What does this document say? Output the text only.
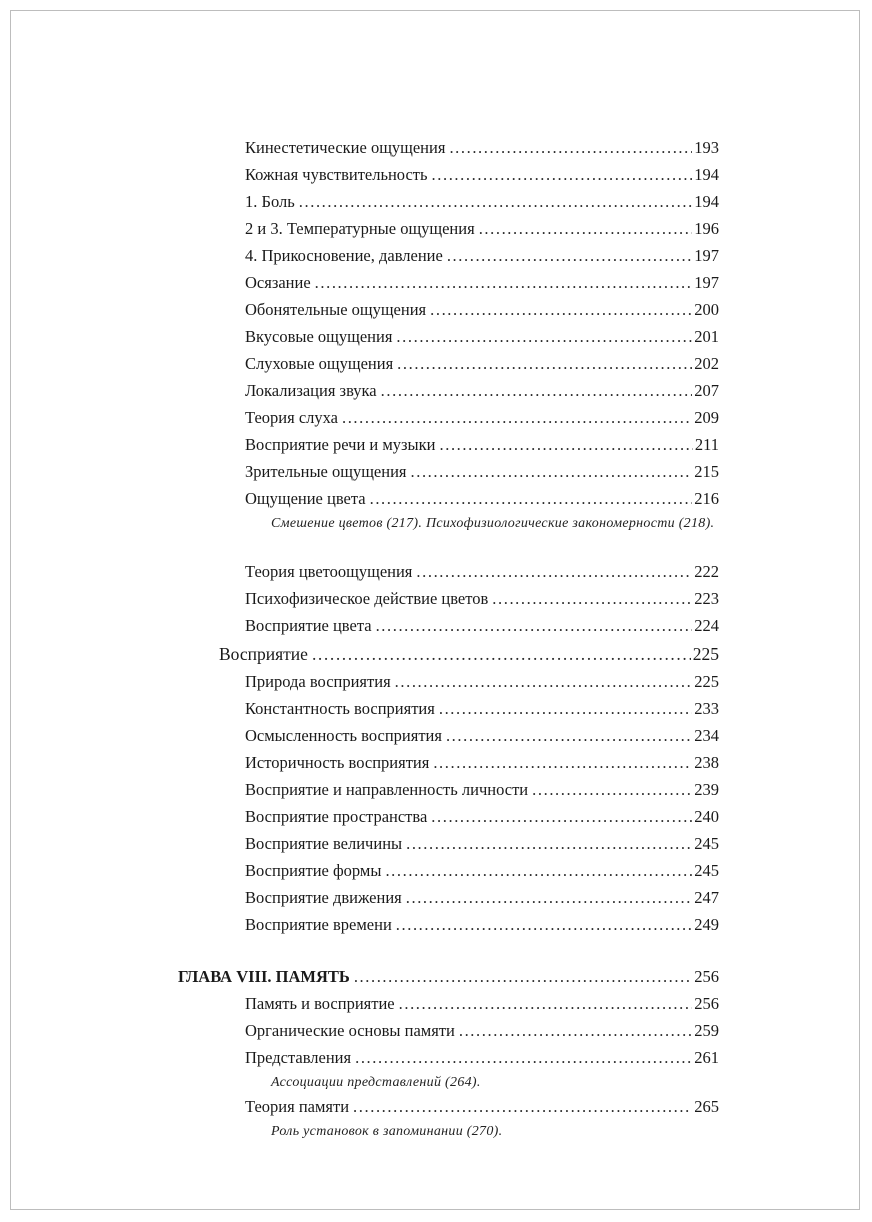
Кинестетические ощущения .....	193
Кожная чувствительность .....	194
1. Боль .....	194
2 и 3. Температурные ощущения .....	196
4. Прикосновение, давление .....	197
Осязание .....	197
Обонятельные ощущения .....	200
Вкусовые ощущения .....	201
Слуховые ощущения .....	202
Локализация звука .....	207
Теория слуха .....	209
Восприятие речи и музыки .....	211
Зрительные ощущения .....	215
Ощущение цвета .....	216
Смешение цветов (217). Психофизиологические закономерности (218).
Теория цветоощущения .....	222
Психофизическое действие цветов .....	223
Восприятие цвета .....	224
Восприятие .....	225
Природа восприятия .....	225
Константность восприятия .....	233
Осмысленность восприятия .....	234
Историчность восприятия .....	238
Восприятие и направленность личности .....	239
Восприятие пространства .....	240
Восприятие величины .....	245
Восприятие формы .....	245
Восприятие движения .....	247
Восприятие времени .....	249
ГЛАВА VIII. ПАМЯТЬ .....	256
Память и восприятие .....	256
Органические основы памяти .....	259
Представления .....	261
Ассоциации представлений (264).
Теория памяти .....	265
Роль установок в запоминании (270).
